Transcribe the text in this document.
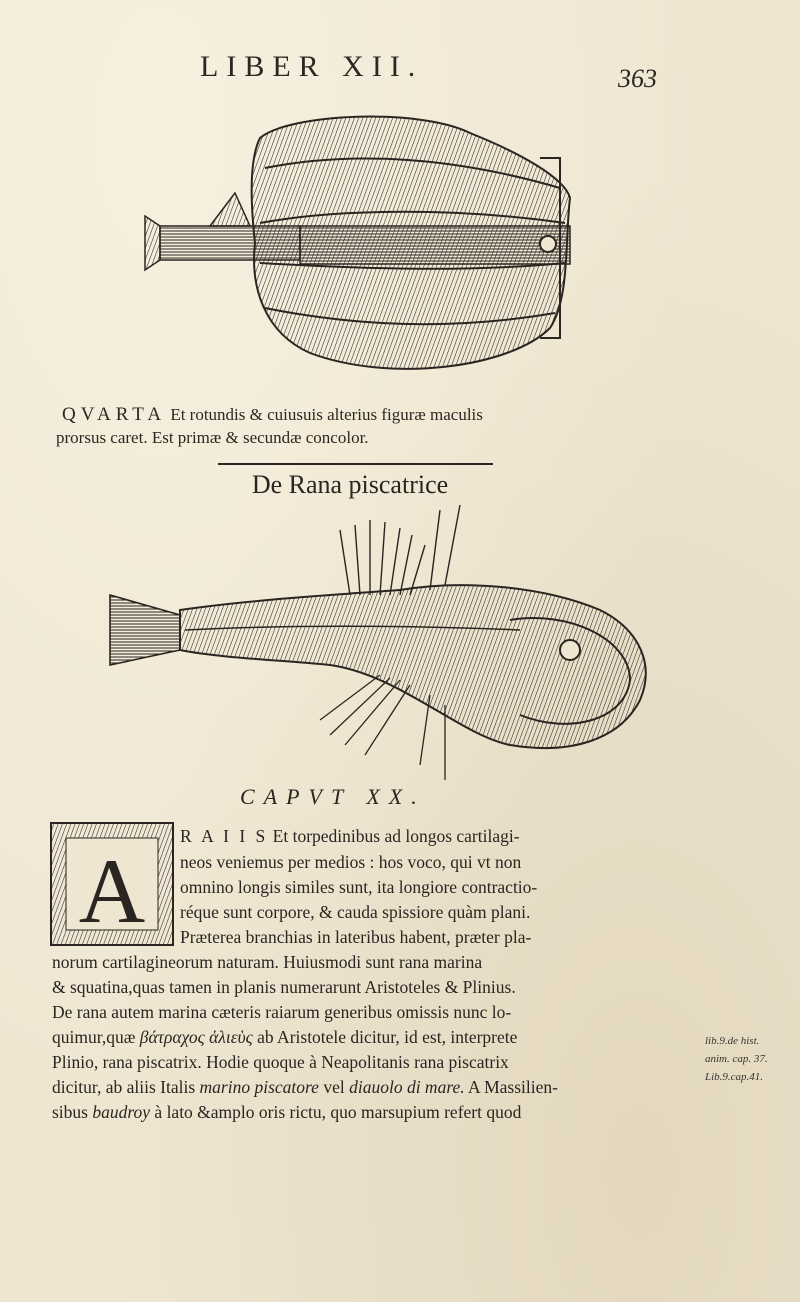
LIBER XII.	363
QVARTA Et rotundis & cuiusuis alterius figuræ maculis
prorsus caret. Est primæ & secundæ concolor.
De Rana piscatrice
CAPVT XX.
A
R A I I S Et torpedinibus ad longos cartilagi-
neos veniemus per medios : hos voco, qui vt non
omnino longis similes sunt, ita longiore contractio-
réque sunt corpore, & cauda spissiore quàm plani.
Præterea branchias in lateribus habent, præter pla-
norum cartilagineorum naturam. Huiusmodi sunt rana marina
& squatina,quas tamen in planis numerarunt Aristoteles & Plinius.
De rana autem marina cæteris raiarum generibus omissis nunc lo-
quimur,quæ βάτραχος ἁλιεὺς ab Aristotele dicitur, id est, interprete
Plinio, rana piscatrix. Hodie quoque à Neapolitanis rana piscatrix
dicitur, ab aliis Italis marino piscatore vel diauolo di mare. A Massilien-
sibus baudroy à lato &amplo oris rictu, quo marsupium refert quod
lib.9.de hist.
anim. cap. 37.
Lib.9.cap.41.
